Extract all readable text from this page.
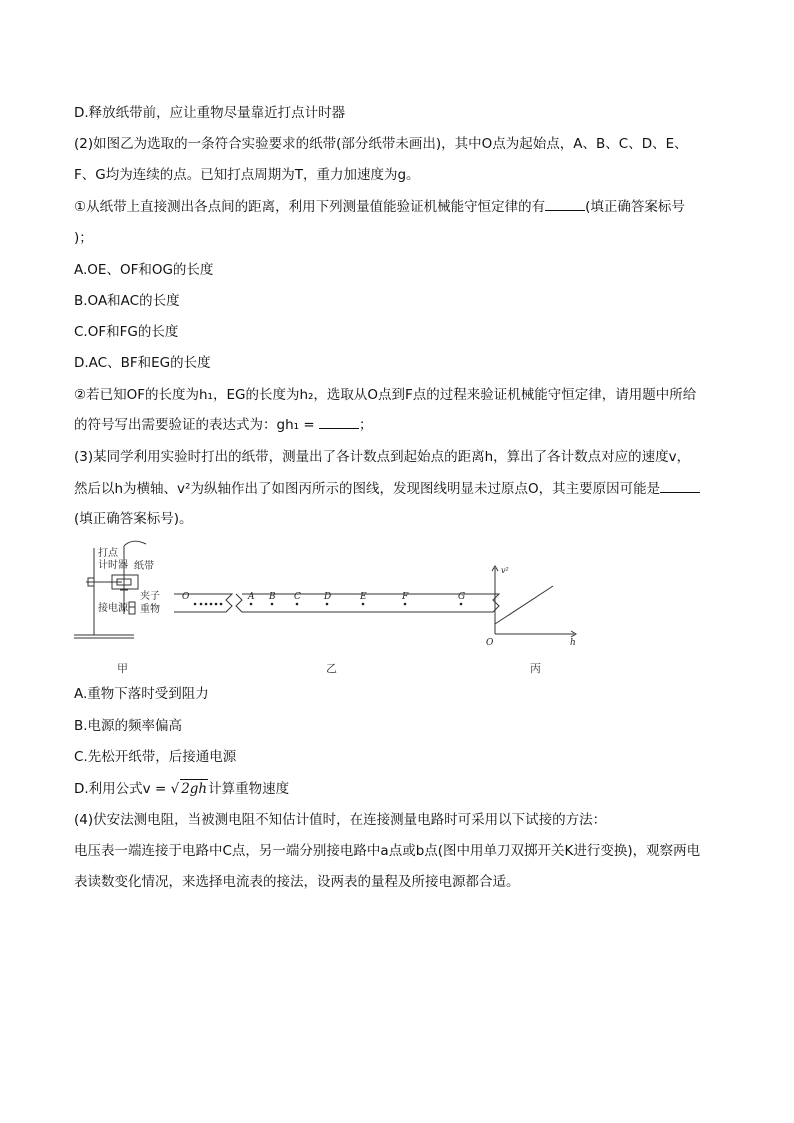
D.释放纸带前，应让重物尽量靠近打点计时器
(2)如图乙为选取的一条符合实验要求的纸带(部分纸带未画出)，其中O点为起始点，A、B、C、D、E、
F、G均为连续的点。已知打点周期为T，重力加速度为g。
①从纸带上直接测出各点间的距离，利用下列测量值能验证机械能守恒定律的有	(填正确答案标号
)；
A.OE、OF和OG的长度
B.OA和AC的长度
C.OF和FG的长度
D.AC、BF和EG的长度
②若已知OF的长度为h₁，EG的长度为h₂，选取从O点到F点的过程来验证机械能守恒定律，请用题中所给
的符号写出需要验证的表达式为：gh₁ =	；
(3)某同学利用实验时打出的纸带，测量出了各计数点到起始点的距离h，算出了各计数点对应的速度v，
然后以h为横轴、v²为纵轴作出了如图丙所示的图线，发现图线明显未过原点O，其主要原因可能是
(填正确答案标号)。
打点
计时器 纸带
夹子
接电源 重物
O	A B C	D	E	F	G
v²
h
O
甲	乙	丙
A.重物下落时受到阻力
B.电源的频率偏高
C.先松开纸带，后接通电源
D.利用公式v = √ 2gh计算重物速度
(4)伏安法测电阻，当被测电阻不知估计值时，在连接测量电路时可采用以下试接的方法：
电压表一端连接于电路中C点，另一端分别接电路中a点或b点(图中用单刀双掷开关K进行变换)，观察两电
表读数变化情况，来选择电流表的接法，设两表的量程及所接电源都合适。
